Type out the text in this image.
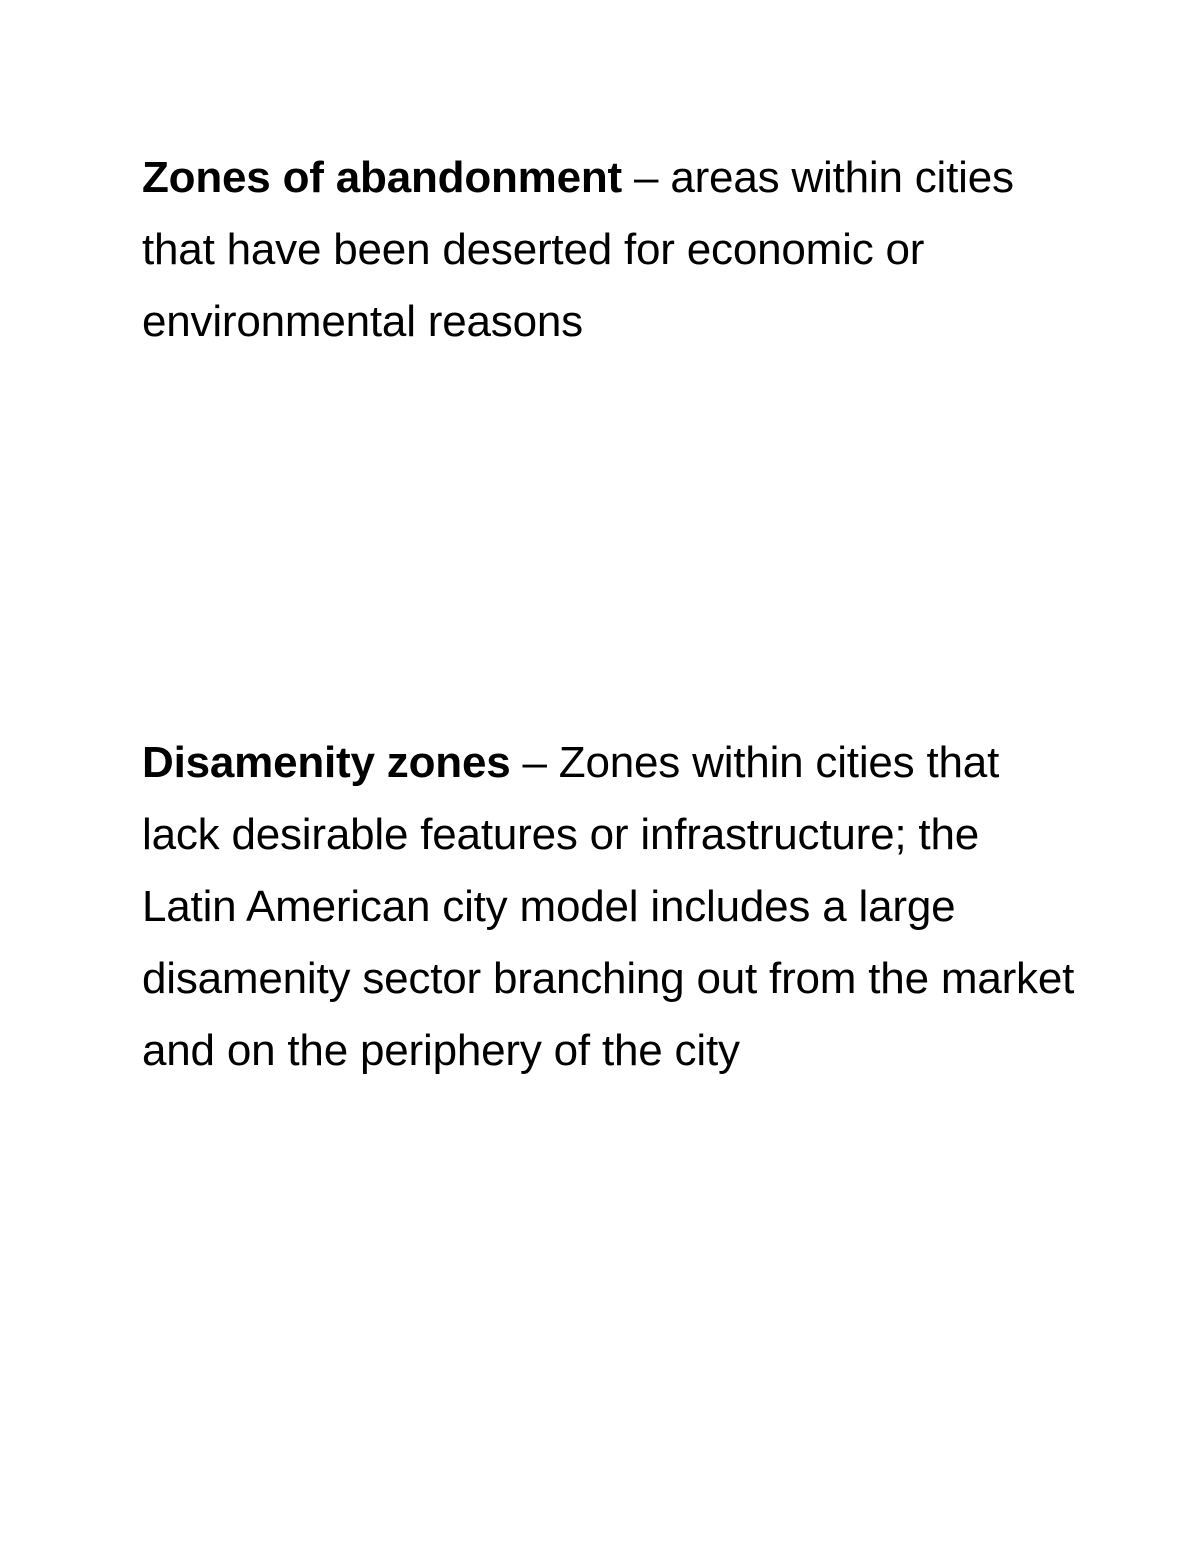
Zones of abandonment – areas within cities that have been deserted for economic or environmental reasons

Disamenity zones – Zones within cities that lack desirable features or infrastructure; the Latin American city model includes a large disamenity sector branching out from the market and on the periphery of the city
